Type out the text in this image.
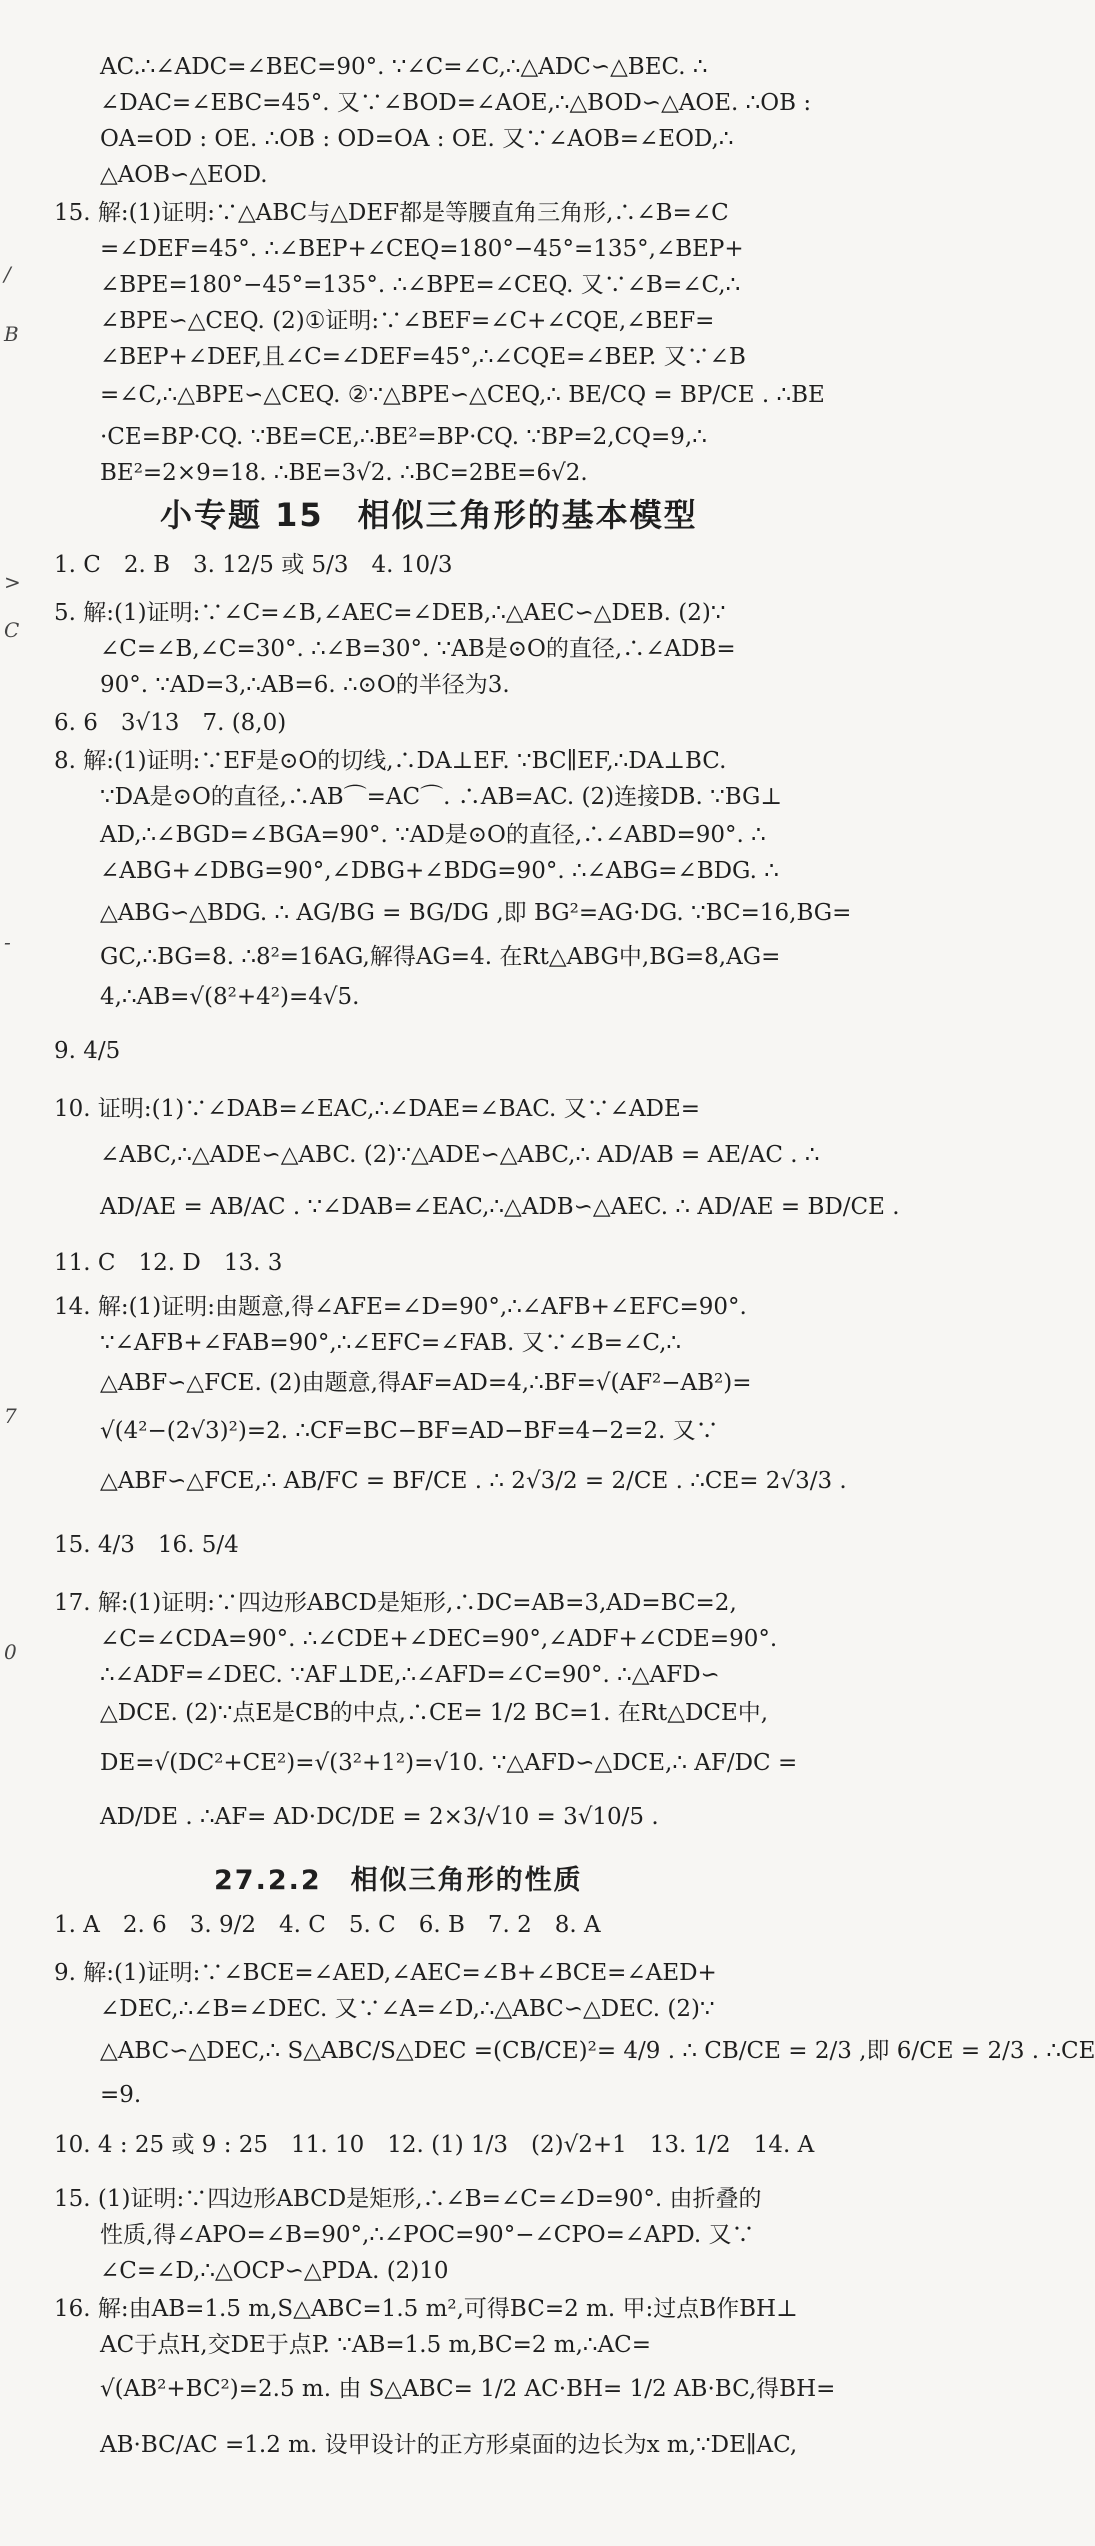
/
B
>
C
-
7
0
AC.∴∠ADC=∠BEC=90°. ∵∠C=∠C,∴△ADC∽△BEC. ∴
∠DAC=∠EBC=45°. 又∵∠BOD=∠AOE,∴△BOD∽△AOE. ∴OB :
OA=OD : OE. ∴OB : OD=OA : OE. 又∵∠AOB=∠EOD,∴
△AOB∽△EOD.
15. 解:(1)证明:∵△ABC与△DEF都是等腰直角三角形,∴∠B=∠C
=∠DEF=45°. ∴∠BEP+∠CEQ=180°−45°=135°,∠BEP+
∠BPE=180°−45°=135°. ∴∠BPE=∠CEQ. 又∵∠B=∠C,∴
∠BPE∽△CEQ. (2)①证明:∵∠BEF=∠C+∠CQE,∠BEF=
∠BEP+∠DEF,且∠C=∠DEF=45°,∴∠CQE=∠BEP. 又∵∠B
=∠C,∴△BPE∽△CEQ. ②∵△BPE∽△CEQ,∴ BE/CQ = BP/CE . ∴BE
·CE=BP·CQ. ∵BE=CE,∴BE²=BP·CQ. ∵BP=2,CQ=9,∴
BE²=2×9=18. ∴BE=3√2. ∴BC=2BE=6√2.
小专题 15　相似三角形的基本模型
1. C　2. B　3. 12/5 或 5/3　4. 10/3
5. 解:(1)证明:∵∠C=∠B,∠AEC=∠DEB,∴△AEC∽△DEB. (2)∵
∠C=∠B,∠C=30°. ∴∠B=30°. ∵AB是⊙O的直径,∴∠ADB=
90°. ∵AD=3,∴AB=6. ∴⊙O的半径为3.
6. 6　3√13　7. (8,0)
8. 解:(1)证明:∵EF是⊙O的切线,∴DA⊥EF. ∵BC∥EF,∴DA⊥BC.
∵DA是⊙O的直径,∴AB⌒=AC⌒. ∴AB=AC. (2)连接DB. ∵BG⊥
AD,∴∠BGD=∠BGA=90°. ∵AD是⊙O的直径,∴∠ABD=90°. ∴
∠ABG+∠DBG=90°,∠DBG+∠BDG=90°. ∴∠ABG=∠BDG. ∴
△ABG∽△BDG. ∴ AG/BG = BG/DG ,即 BG²=AG·DG. ∵BC=16,BG=
GC,∴BG=8. ∴8²=16AG,解得AG=4. 在Rt△ABG中,BG=8,AG=
4,∴AB=√(8²+4²)=4√5.
9. 4/5
10. 证明:(1)∵∠DAB=∠EAC,∴∠DAE=∠BAC. 又∵∠ADE=
∠ABC,∴△ADE∽△ABC. (2)∵△ADE∽△ABC,∴ AD/AB = AE/AC . ∴
AD/AE = AB/AC . ∵∠DAB=∠EAC,∴△ADB∽△AEC. ∴ AD/AE = BD/CE .
11. C　12. D　13. 3
14. 解:(1)证明:由题意,得∠AFE=∠D=90°,∴∠AFB+∠EFC=90°.
∵∠AFB+∠FAB=90°,∴∠EFC=∠FAB. 又∵∠B=∠C,∴
△ABF∽△FCE. (2)由题意,得AF=AD=4,∴BF=√(AF²−AB²)=
√(4²−(2√3)²)=2. ∴CF=BC−BF=AD−BF=4−2=2. 又∵
△ABF∽△FCE,∴ AB/FC = BF/CE . ∴ 2√3/2 = 2/CE . ∴CE= 2√3/3 .
15. 4/3　16. 5/4
17. 解:(1)证明:∵四边形ABCD是矩形,∴DC=AB=3,AD=BC=2,
∠C=∠CDA=90°. ∴∠CDE+∠DEC=90°,∠ADF+∠CDE=90°.
∴∠ADF=∠DEC. ∵AF⊥DE,∴∠AFD=∠C=90°. ∴△AFD∽
△DCE. (2)∵点E是CB的中点,∴CE= 1/2 BC=1. 在Rt△DCE中,
DE=√(DC²+CE²)=√(3²+1²)=√10. ∵△AFD∽△DCE,∴ AF/DC =
AD/DE . ∴AF= AD·DC/DE = 2×3/√10 = 3√10/5 .
27.2.2　相似三角形的性质
1. A　2. 6　3. 9/2　4. C　5. C　6. B　7. 2　8. A
9. 解:(1)证明:∵∠BCE=∠AED,∠AEC=∠B+∠BCE=∠AED+
∠DEC,∴∠B=∠DEC. 又∵∠A=∠D,∴△ABC∽△DEC. (2)∵
△ABC∽△DEC,∴ S△ABC/S△DEC =(CB/CE)²= 4/9 . ∴ CB/CE = 2/3 ,即 6/CE = 2/3 . ∴CE
=9.
10. 4 : 25 或 9 : 25　11. 10　12. (1) 1/3　(2)√2+1　13. 1/2　14. A
15. (1)证明:∵四边形ABCD是矩形,∴∠B=∠C=∠D=90°. 由折叠的
性质,得∠APO=∠B=90°,∴∠POC=90°−∠CPO=∠APD. 又∵
∠C=∠D,∴△OCP∽△PDA. (2)10
16. 解:由AB=1.5 m,S△ABC=1.5 m²,可得BC=2 m. 甲:过点B作BH⊥
AC于点H,交DE于点P. ∵AB=1.5 m,BC=2 m,∴AC=
√(AB²+BC²)=2.5 m. 由 S△ABC= 1/2 AC·BH= 1/2 AB·BC,得BH=
AB·BC/AC =1.2 m. 设甲设计的正方形桌面的边长为x m,∵DE∥AC,
